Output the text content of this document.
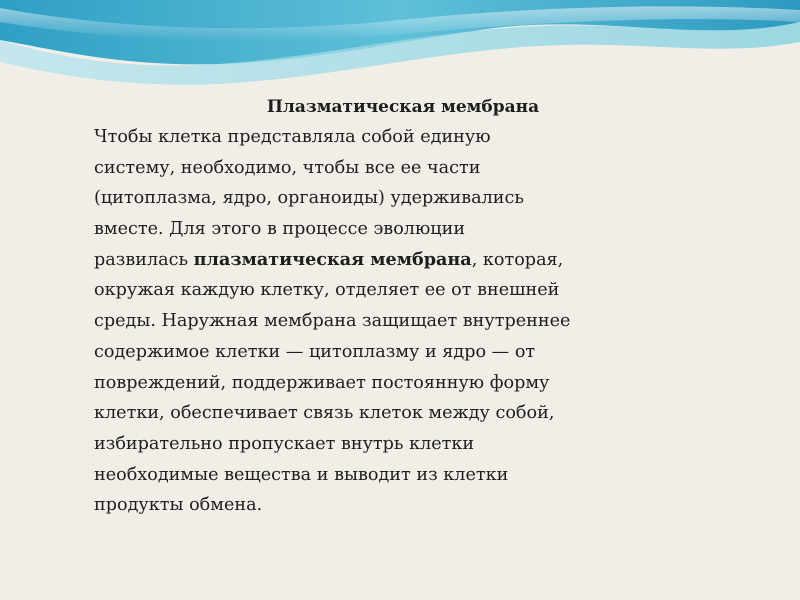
Плазматическая мембрана
Чтобы клетка представляла собой единую
систему, необходимо, чтобы все ее части
(цитоплазма, ядро, органоиды) удерживались
вместе. Для этого в процессе эволюции
развилась плазматическая мембрана, которая,
окружая каждую клетку, отделяет ее от внешней
среды. Наружная мембрана защищает внутреннее
содержимое клетки — цитоплазму и ядро — от
повреждений, поддерживает постоянную форму
клетки, обеспечивает связь клеток между собой,
избирательно пропускает внутрь клетки
необходимые вещества и выводит из клетки
продукты обмена.
